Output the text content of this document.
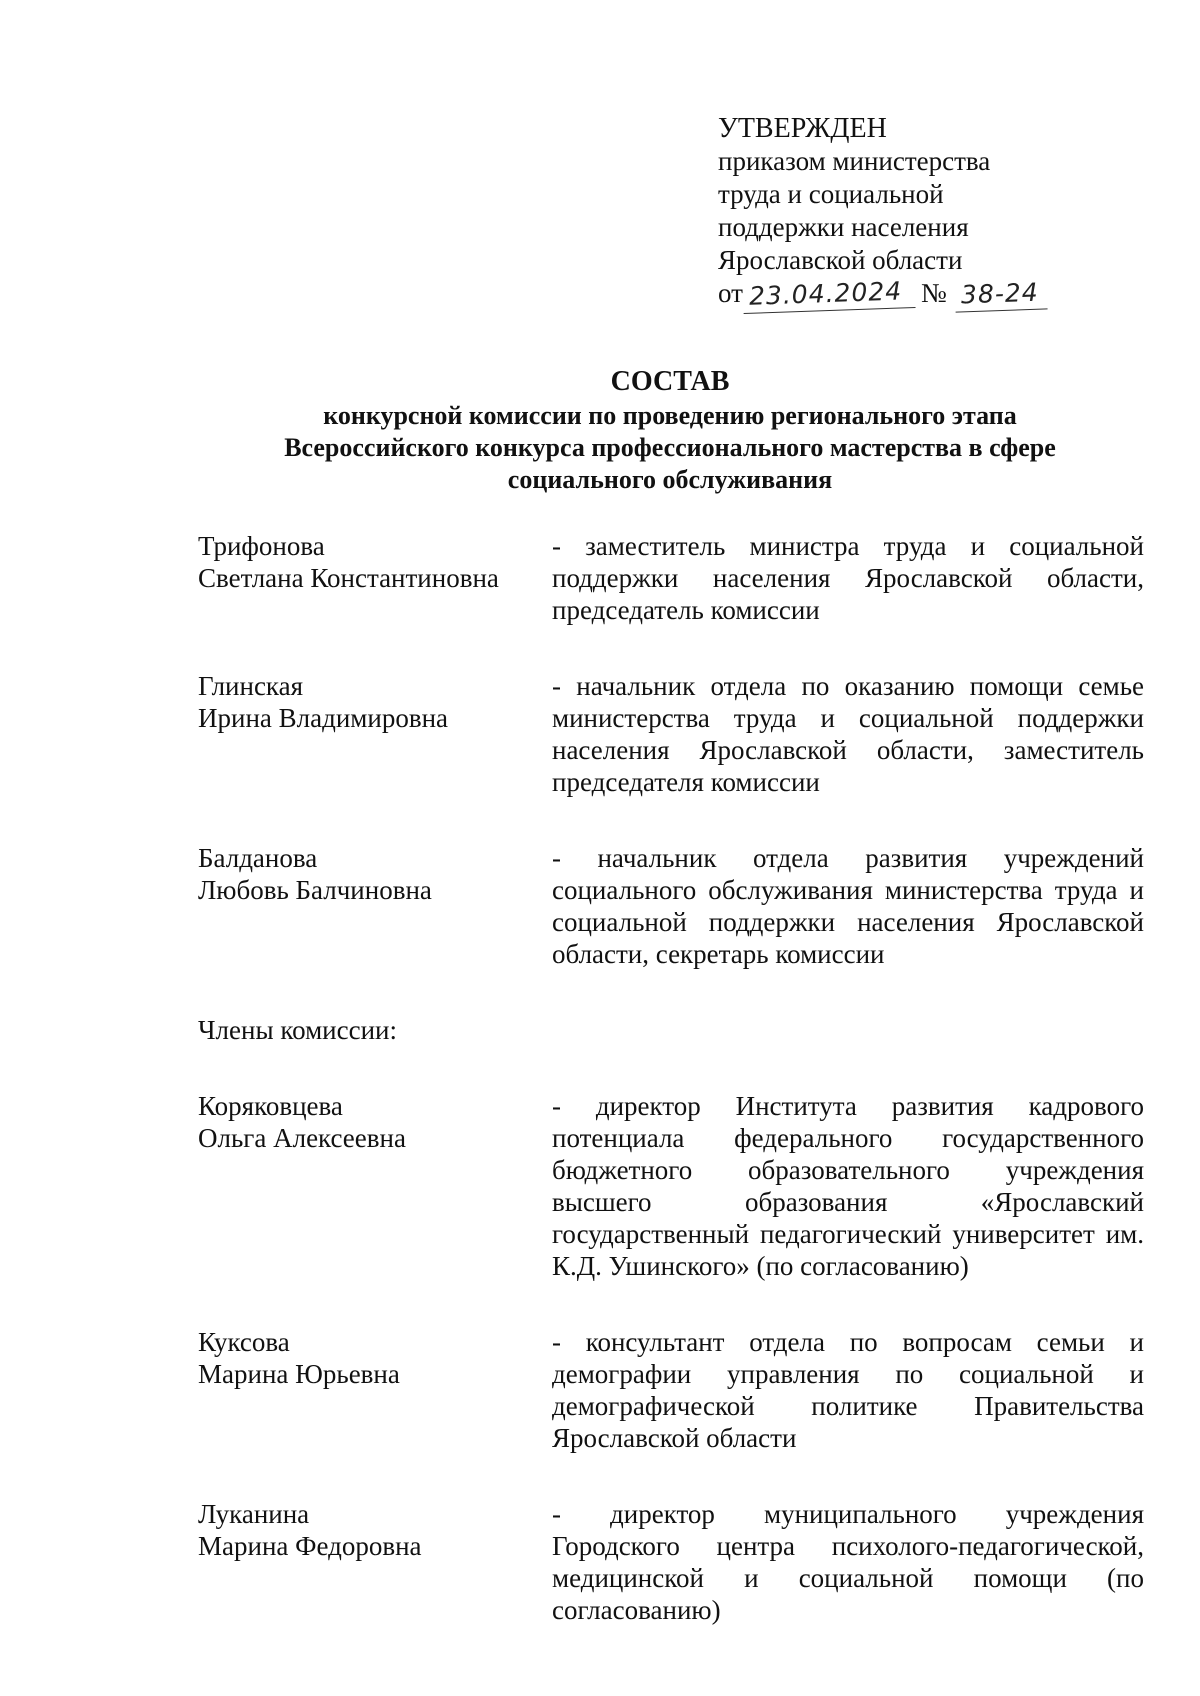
УТВЕРЖДЕН
приказом министерства
труда и социальной
поддержки населения
Ярославской области
от 23.04.2024 № 38-24
СОСТАВ
конкурсной комиссии по проведению регионального этапа
Всероссийского конкурса профессионального мастерства в сфере
социального обслуживания
Трифонова
Светлана Константиновна
- заместитель министра труда и социальной поддержки населения Ярославской области, председатель комиссии
Глинская
Ирина Владимировна
- начальник отдела по оказанию помощи семье министерства труда и социальной поддержки населения Ярославской области, заместитель председателя комиссии
Балданова
Любовь Балчиновна
- начальник отдела развития учреждений социального обслуживания министерства труда и социальной поддержки населения Ярославской области, секретарь комиссии
Члены комиссии:
Коряковцева
Ольга Алексеевна
- директор Института развития кадрового потенциала федерального государственного бюджетного образовательного учреждения высшего образования «Ярославский государственный педагогический университет им. К.Д. Ушинского» (по согласованию)
Куксова
Марина Юрьевна
- консультант отдела по вопросам семьи и демографии управления по социальной и демографической политике Правительства Ярославской области
Луканина
Марина Федоровна
- директор муниципального учреждения Городского центра психолого-педагогической, медицинской и социальной помощи (по согласованию)
